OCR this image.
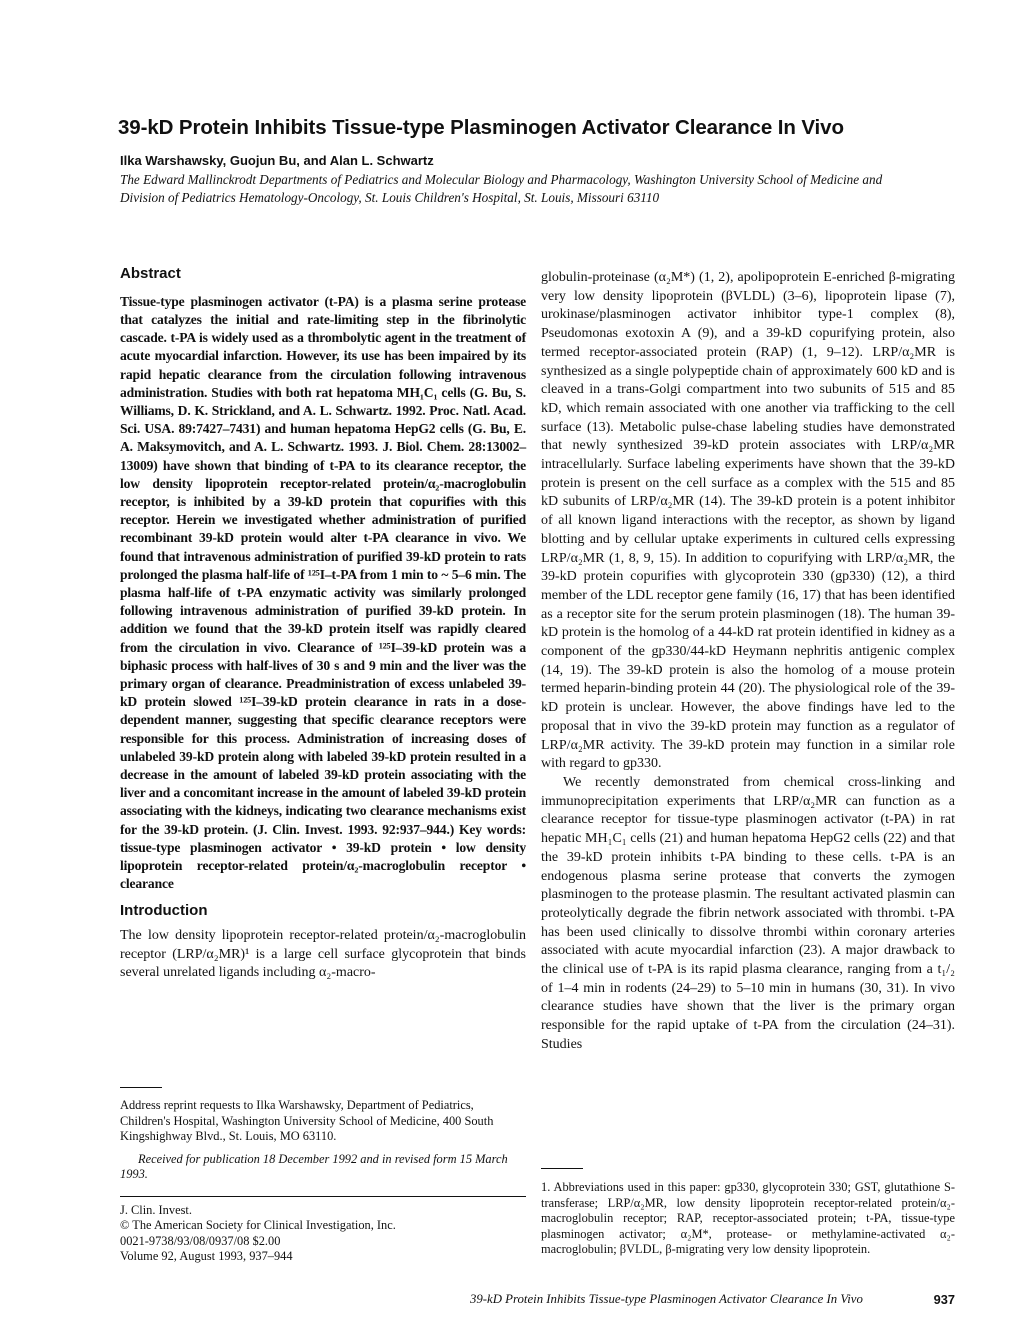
39-kD Protein Inhibits Tissue-type Plasminogen Activator Clearance In Vivo
Ilka Warshawsky, Guojun Bu, and Alan L. Schwartz
The Edward Mallinckrodt Departments of Pediatrics and Molecular Biology and Pharmacology, Washington University School of Medicine and Division of Pediatrics Hematology-Oncology, St. Louis Children's Hospital, St. Louis, Missouri 63110
Abstract

Tissue-type plasminogen activator (t-PA) is a plasma serine protease that catalyzes the initial and rate-limiting step in the fibrinolytic cascade. t-PA is widely used as a thrombolytic agent in the treatment of acute myocardial infarction. However, its use has been impaired by its rapid hepatic clearance from the circulation following intravenous administration. Studies with both rat hepatoma MH₁C₁ cells (G. Bu, S. Williams, D. K. Strickland, and A. L. Schwartz. 1992. Proc. Natl. Acad. Sci. USA. 89:7427–7431) and human hepatoma HepG2 cells (G. Bu, E. A. Maksymovitch, and A. L. Schwartz. 1993. J. Biol. Chem. 28:13002–13009) have shown that binding of t-PA to its clearance receptor, the low density lipoprotein receptor-related protein/α₂-macroglobulin receptor, is inhibited by a 39-kD protein that copurifies with this receptor. Herein we investigated whether administration of purified recombinant 39-kD protein would alter t-PA clearance in vivo. We found that intravenous administration of purified 39-kD protein to rats prolonged the plasma half-life of ¹²⁵I–t-PA from 1 min to ~ 5–6 min. The plasma half-life of t-PA enzymatic activity was similarly prolonged following intravenous administration of purified 39-kD protein. In addition we found that the 39-kD protein itself was rapidly cleared from the circulation in vivo. Clearance of ¹²⁵I–39-kD protein was a biphasic process with half-lives of 30 s and 9 min and the liver was the primary organ of clearance. Preadministration of excess unlabeled 39-kD protein slowed ¹²⁵I–39-kD protein clearance in rats in a dose-dependent manner, suggesting that specific clearance receptors were responsible for this process. Administration of increasing doses of unlabeled 39-kD protein along with labeled 39-kD protein resulted in a decrease in the amount of labeled 39-kD protein associating with the liver and a concomitant increase in the amount of labeled 39-kD protein associating with the kidneys, indicating two clearance mechanisms exist for the 39-kD protein. (J. Clin. Invest. 1993. 92:937–944.) Key words: tissue-type plasminogen activator • 39-kD protein • low density lipoprotein receptor-related protein/α₂-macroglobulin receptor • clearance

Introduction

The low density lipoprotein receptor-related protein/α₂-macroglobulin receptor (LRP/α₂MR)¹ is a large cell surface glycoprotein that binds several unrelated ligands including α₂-macro-

Address reprint requests to Ilka Warshawsky, Department of Pediatrics, Children's Hospital, Washington University School of Medicine, 400 South Kingshighway Blvd., St. Louis, MO 63110.

Received for publication 18 December 1992 and in revised form 15 March 1993.

J. Clin. Invest.
© The American Society for Clinical Investigation, Inc.
0021-9738/93/08/0937/08 $2.00
Volume 92, August 1993, 937–944

globulin-proteinase (α₂M*) (1, 2), apolipoprotein E-enriched β-migrating very low density lipoprotein (βVLDL) (3–6), lipoprotein lipase (7), urokinase/plasminogen activator inhibitor type-1 complex (8), Pseudomonas exotoxin A (9), and a 39-kD copurifying protein, also termed receptor-associated protein (RAP) (1, 9–12). LRP/α₂MR is synthesized as a single polypeptide chain of approximately 600 kD and is cleaved in a trans-Golgi compartment into two subunits of 515 and 85 kD, which remain associated with one another via trafficking to the cell surface (13). Metabolic pulse-chase labeling studies have demonstrated that newly synthesized 39-kD protein associates with LRP/α₂MR intracellularly. Surface labeling experiments have shown that the 39-kD protein is present on the cell surface as a complex with the 515 and 85 kD subunits of LRP/α₂MR (14). The 39-kD protein is a potent inhibitor of all known ligand interactions with the receptor, as shown by ligand blotting and by cellular uptake experiments in cultured cells expressing LRP/α₂MR (1, 8, 9, 15). In addition to copurifying with LRP/α₂MR, the 39-kD protein copurifies with glycoprotein 330 (gp330) (12), a third member of the LDL receptor gene family (16, 17) that has been identified as a receptor site for the serum protein plasminogen (18). The human 39-kD protein is the homolog of a 44-kD rat protein identified in kidney as a component of the gp330/44-kD Heymann nephritis antigenic complex (14, 19). The 39-kD protein is also the homolog of a mouse protein termed heparin-binding protein 44 (20). The physiological role of the 39-kD protein is unclear. However, the above findings have led to the proposal that in vivo the 39-kD protein may function as a regulator of LRP/α₂MR activity. The 39-kD protein may function in a similar role with regard to gp330.

We recently demonstrated from chemical cross-linking and immunoprecipitation experiments that LRP/α₂MR can function as a clearance receptor for tissue-type plasminogen activator (t-PA) in rat hepatic MH₁C₁ cells (21) and human hepatoma HepG2 cells (22) and that the 39-kD protein inhibits t-PA binding to these cells. t-PA is an endogenous plasma serine protease that converts the zymogen plasminogen to the protease plasmin. The resultant activated plasmin can proteolytically degrade the fibrin network associated with thrombi. t-PA has been used clinically to dissolve thrombi within coronary arteries associated with acute myocardial infarction (23). A major drawback to the clinical use of t-PA is its rapid plasma clearance, ranging from a t₁/₂ of 1–4 min in rodents (24–29) to 5–10 min in humans (30, 31). In vivo clearance studies have shown that the liver is the primary organ responsible for the rapid uptake of t-PA from the circulation (24–31). Studies

1. Abbreviations used in this paper: gp330, glycoprotein 330; GST, glutathione S-transferase; LRP/α₂MR, low density lipoprotein receptor-related protein/α₂-macroglobulin receptor; RAP, receptor-associated protein; t-PA, tissue-type plasminogen activator; α₂M*, protease- or methylamine-activated α₂-macroglobulin; βVLDL, β-migrating very low density lipoprotein.
39-kD Protein Inhibits Tissue-type Plasminogen Activator Clearance In Vivo	937
